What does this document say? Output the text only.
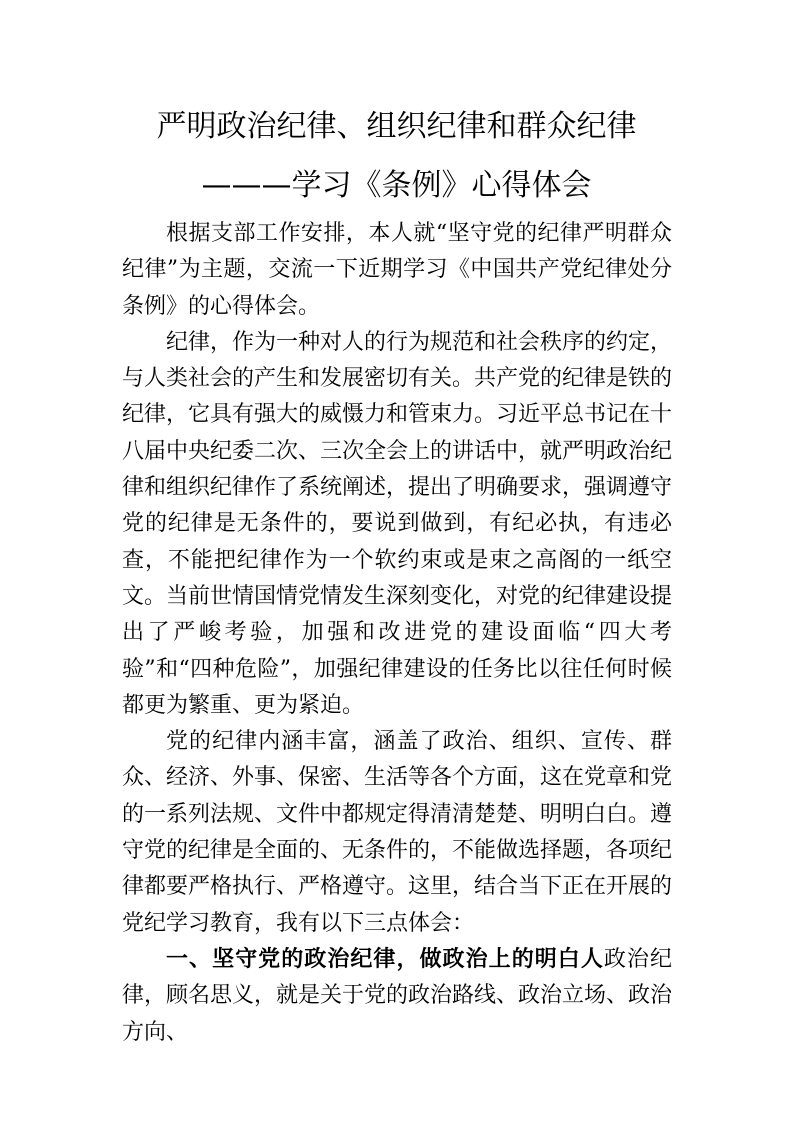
严明政治纪律、组织纪律和群众纪律
———学习《条例》心得体会

根据支部工作安排，本人就“坚守党的纪律严明群众纪律”为主题，交流一下近期学习《中国共产党纪律处分条例》的心得体会。

纪律，作为一种对人的行为规范和社会秩序的约定，与人类社会的产生和发展密切有关。共产党的纪律是铁的纪律，它具有强大的威慑力和管束力。习近平总书记在十八届中央纪委二次、三次全会上的讲话中，就严明政治纪律和组织纪律作了系统阐述，提出了明确要求，强调遵守党的纪律是无条件的，要说到做到，有纪必执，有违必查，不能把纪律作为一个软约束或是束之高阁的一纸空文。当前世情国情党情发生深刻变化，对党的纪律建设提出了严峻考验，加强和改进党的建设面临“四大考验”和“四种危险”，加强纪律建设的任务比以往任何时候都更为繁重、更为紧迫。

党的纪律内涵丰富，涵盖了政治、组织、宣传、群众、经济、外事、保密、生活等各个方面，这在党章和党的一系列法规、文件中都规定得清清楚楚、明明白白。遵守党的纪律是全面的、无条件的，不能做选择题，各项纪律都要严格执行、严格遵守。这里，结合当下正在开展的党纪学习教育，我有以下三点体会：

一、坚守党的政治纪律，做政治上的明白人政治纪律，顾名思义，就是关于党的政治路线、政治立场、政治方向、
